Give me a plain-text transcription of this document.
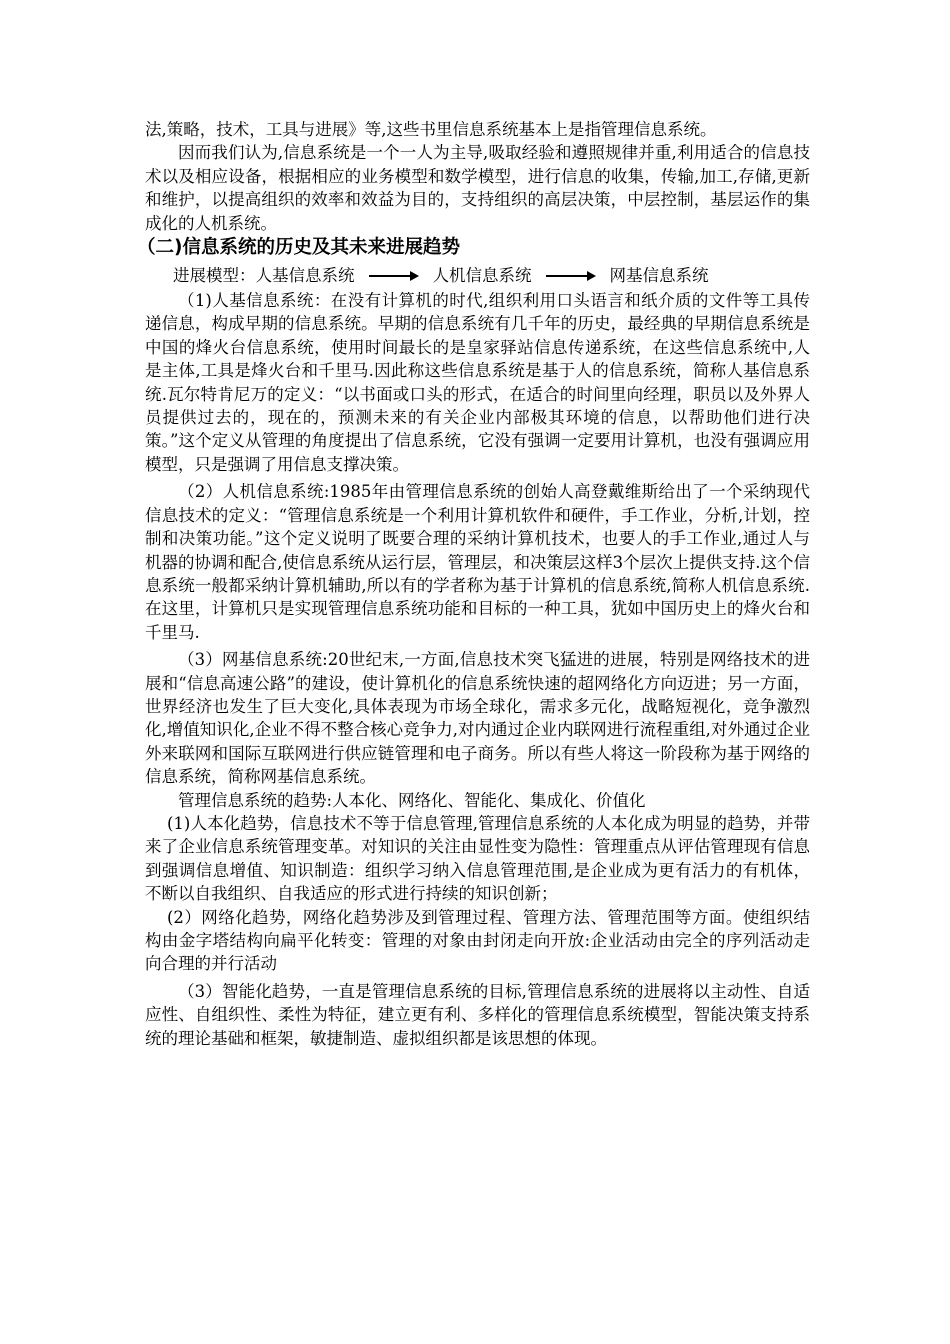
法,策略，技术，工具与进展》等,这些书里信息系统基本上是指管理信息系统。

因而我们认为,信息系统是一个一人为主导,吸取经验和遵照规律并重,利用适合的信息技术以及相应设备，根据相应的业务模型和数学模型，进行信息的收集，传输,加工,存储,更新和维护，以提高组织的效率和效益为目的，支持组织的高层决策，中层控制，基层运作的集成化的人机系统。

（二)信息系统的历史及其未来进展趋势
进展模型：人基信息系统	人机信息系统	网基信息系统

（1)人基信息系统：在没有计算机的时代,组织利用口头语言和纸介质的文件等工具传递信息，构成早期的信息系统。早期的信息系统有几千年的历史，最经典的早期信息系统是中国的烽火台信息系统，使用时间最长的是皇家驿站信息传递系统，在这些信息系统中,人是主体,工具是烽火台和千里马.因此称这些信息系统是基于人的信息系统，简称人基信息系统.瓦尔特肯尼万的定义：“以书面或口头的形式，在适合的时间里向经理，职员以及外界人员提供过去的，现在的，预测未来的有关企业内部极其环境的信息，以帮助他们进行决策。”这个定义从管理的角度提出了信息系统，它没有强调一定要用计算机，也没有强调应用模型，只是强调了用信息支撑决策。

（2）人机信息系统:1985年由管理信息系统的创始人高登戴维斯给出了一个采纳现代信息技术的定义：“管理信息系统是一个利用计算机软件和硬件，手工作业，分析,计划，控制和决策功能。”这个定义说明了既要合理的采纳计算机技术，也要人的手工作业,通过人与机器的协调和配合,使信息系统从运行层，管理层，和决策层这样3个层次上提供支持.这个信息系统一般都采纳计算机辅助,所以有的学者称为基于计算机的信息系统,简称人机信息系统.在这里，计算机只是实现管理信息系统功能和目标的一种工具，犹如中国历史上的烽火台和千里马.

（3）网基信息系统:20世纪末,一方面,信息技术突飞猛进的进展，特别是网络技术的进展和“信息高速公路”的建设，使计算机化的信息系统快速的超网络化方向迈进；另一方面，世界经济也发生了巨大变化,具体表现为市场全球化，需求多元化，战略短视化，竞争激烈化,增值知识化,企业不得不整合核心竞争力,对内通过企业内联网进行流程重组,对外通过企业外来联网和国际互联网进行供应链管理和电子商务。所以有些人将这一阶段称为基于网络的信息系统，简称网基信息系统。

管理信息系统的趋势:人本化、网络化、智能化、集成化、价值化

(1)人本化趋势，信息技术不等于信息管理,管理信息系统的人本化成为明显的趋势，并带来了企业信息系统管理变革。对知识的关注由显性变为隐性：管理重点从评估管理现有信息到强调信息增值、知识制造：组织学习纳入信息管理范围,是企业成为更有活力的有机体，不断以自我组织、自我适应的形式进行持续的知识创新；

(2）网络化趋势，网络化趋势涉及到管理过程、管理方法、管理范围等方面。使组织结构由金字塔结构向扁平化转变：管理的对象由封闭走向开放:企业活动由完全的序列活动走向合理的并行活动

（3）智能化趋势，一直是管理信息系统的目标,管理信息系统的进展将以主动性、自适应性、自组织性、柔性为特征，建立更有利、多样化的管理信息系统模型，智能决策支持系统的理论基础和框架，敏捷制造、虚拟组织都是该思想的体现。
